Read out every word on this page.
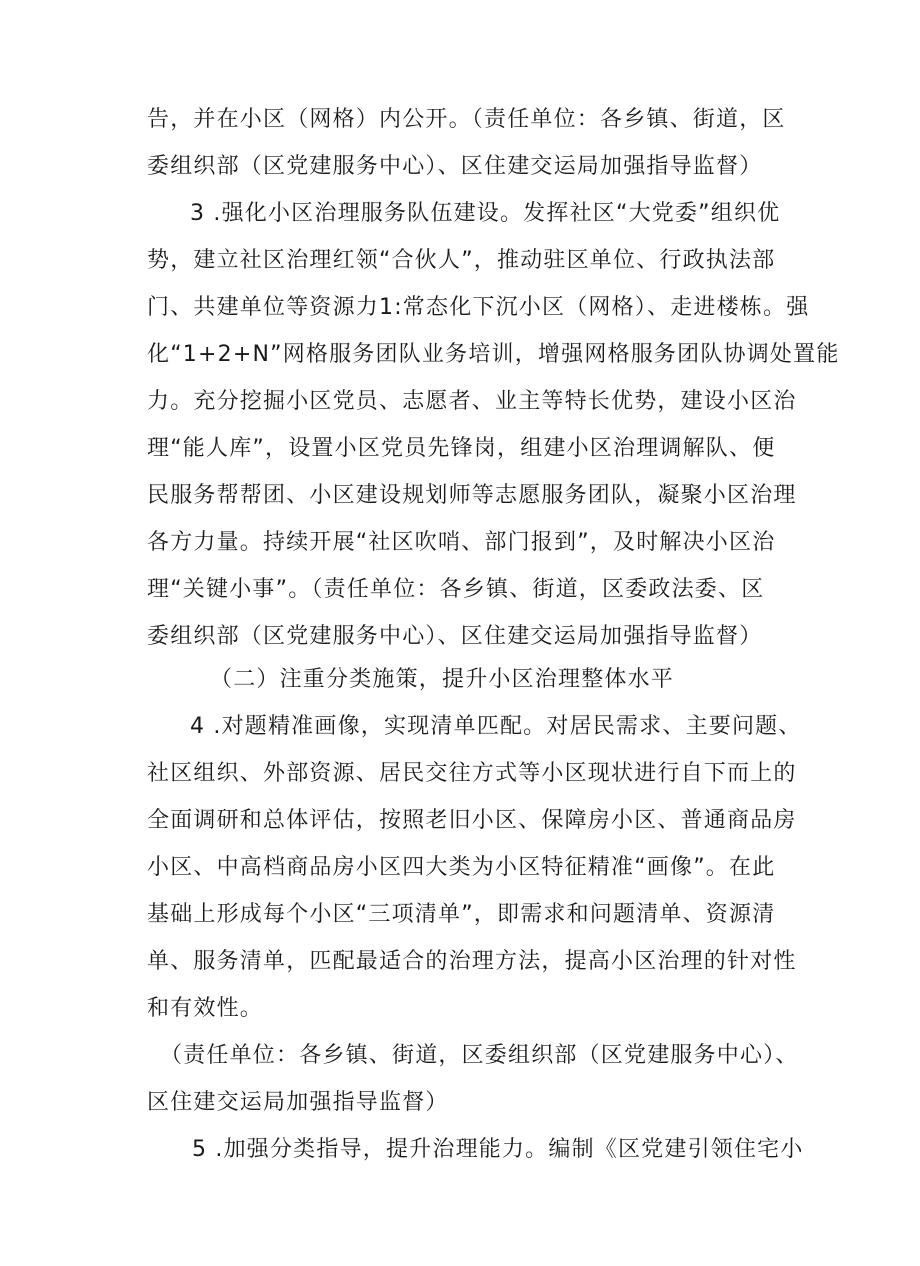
告，并在小区（网格）内公开。（责任单位：各乡镇、街道，区
委组织部（区党建服务中心）、区住建交运局加强指导监督）
3 .强化小区治理服务队伍建设。发挥社区“大党委”组织优
势，建立社区治理红领“合伙人”，推动驻区单位、行政执法部
门、共建单位等资源力1:常态化下沉小区（网格）、走进楼栋。强
化“1+2+N”网格服务团队业务培训，增强网格服务团队协调处置能
力。充分挖掘小区党员、志愿者、业主等特长优势，建设小区治
理“能人库”，设置小区党员先锋岗，组建小区治理调解队、便
民服务帮帮团、小区建设规划师等志愿服务团队，凝聚小区治理
各方力量。持续开展“社区吹哨、部门报到”，及时解决小区治
理“关键小事”。（责任单位：各乡镇、街道，区委政法委、区
委组织部（区党建服务中心）、区住建交运局加强指导监督）
（二）注重分类施策，提升小区治理整体水平
4 .对题精准画像，实现清单匹配。对居民需求、主要问题、
社区组织、外部资源、居民交往方式等小区现状进行自下而上的
全面调研和总体评估，按照老旧小区、保障房小区、普通商品房
小区、中高档商品房小区四大类为小区特征精准“画像”。在此
基础上形成每个小区“三项清单”，即需求和问题清单、资源清
单、服务清单，匹配最适合的治理方法，提高小区治理的针对性
和有效性。
（责任单位：各乡镇、街道，区委组织部（区党建服务中心）、
区住建交运局加强指导监督）
5 .加强分类指导，提升治理能力。编制《区党建引领住宅小
